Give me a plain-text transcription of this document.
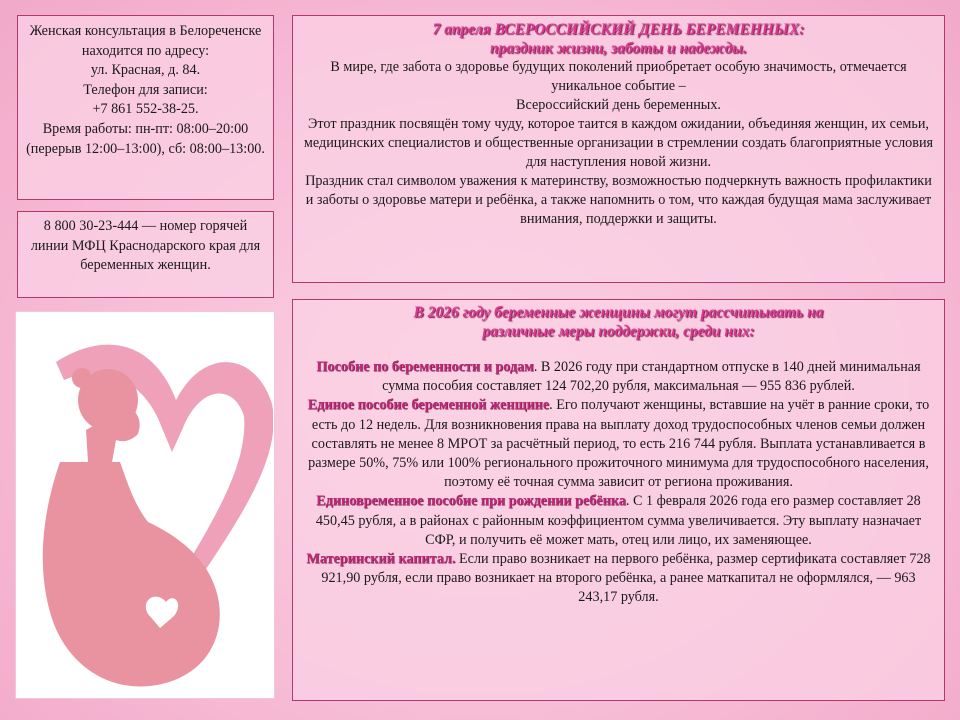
Женская консультация в Белореченске находится по адресу:
ул. Красная, д. 84.
Телефон для записи:
+7 861 552-38-25.
Время работы: пн-пт: 08:00–20:00 (перерыв 12:00–13:00), сб: 08:00–13:00.
8 800 30-23-444 — номер горячей линии МФЦ Краснодарского края для беременных женщин.
7 апреля ВСЕРОССИЙСКИЙ ДЕНЬ БЕРЕМЕННЫХ:
праздник жизни, заботы и надежды.
В мире, где забота о здоровье будущих поколений приобретает особую значимость, отмечается уникальное событие –
Всероссийский день беременных.
Этот праздник посвящён тому чуду, которое таится в каждом ожидании, объединяя женщин, их семьи, медицинских специалистов и общественные организации в стремлении создать благоприятные условия для наступления новой жизни.
Праздник стал символом уважения к материнству, возможностью подчеркнуть важность профилактики и заботы о здоровье матери и ребёнка, а также напомнить о том, что каждая будущая мама заслуживает внимания, поддержки и защиты.
В 2026 году беременные женщины могут рассчитывать на
различные меры поддержки, среди них:
Пособие по беременности и родам. В 2026 году при стандартном отпуске в 140 дней минимальная сумма пособия составляет 124 702,20 рубля, максимальная — 955 836 рублей.
Единое пособие беременной женщине. Его получают женщины, вставшие на учёт в ранние сроки, то есть до 12 недель. Для возникновения права на выплату доход трудоспособных членов семьи должен составлять не менее 8 МРОТ за расчётный период, то есть 216 744 рубля. Выплата устанавливается в размере 50%, 75% или 100% регионального прожиточного минимума для трудоспособного населения, поэтому её точная сумма зависит от региона проживания.
Единовременное пособие при рождении ребёнка. С 1 февраля 2026 года его размер составляет 28 450,45 рубля, а в районах с районным коэффициентом сумма увеличивается. Эту выплату назначает СФР, и получить её может мать, отец или лицо, их заменяющее.
Материнский капитал. Если право возникает на первого ребёнка, размер сертификата составляет 728 921,90 рубля, если право возникает на второго ребёнка, а ранее маткапитал не оформлялся, — 963 243,17 рубля.
